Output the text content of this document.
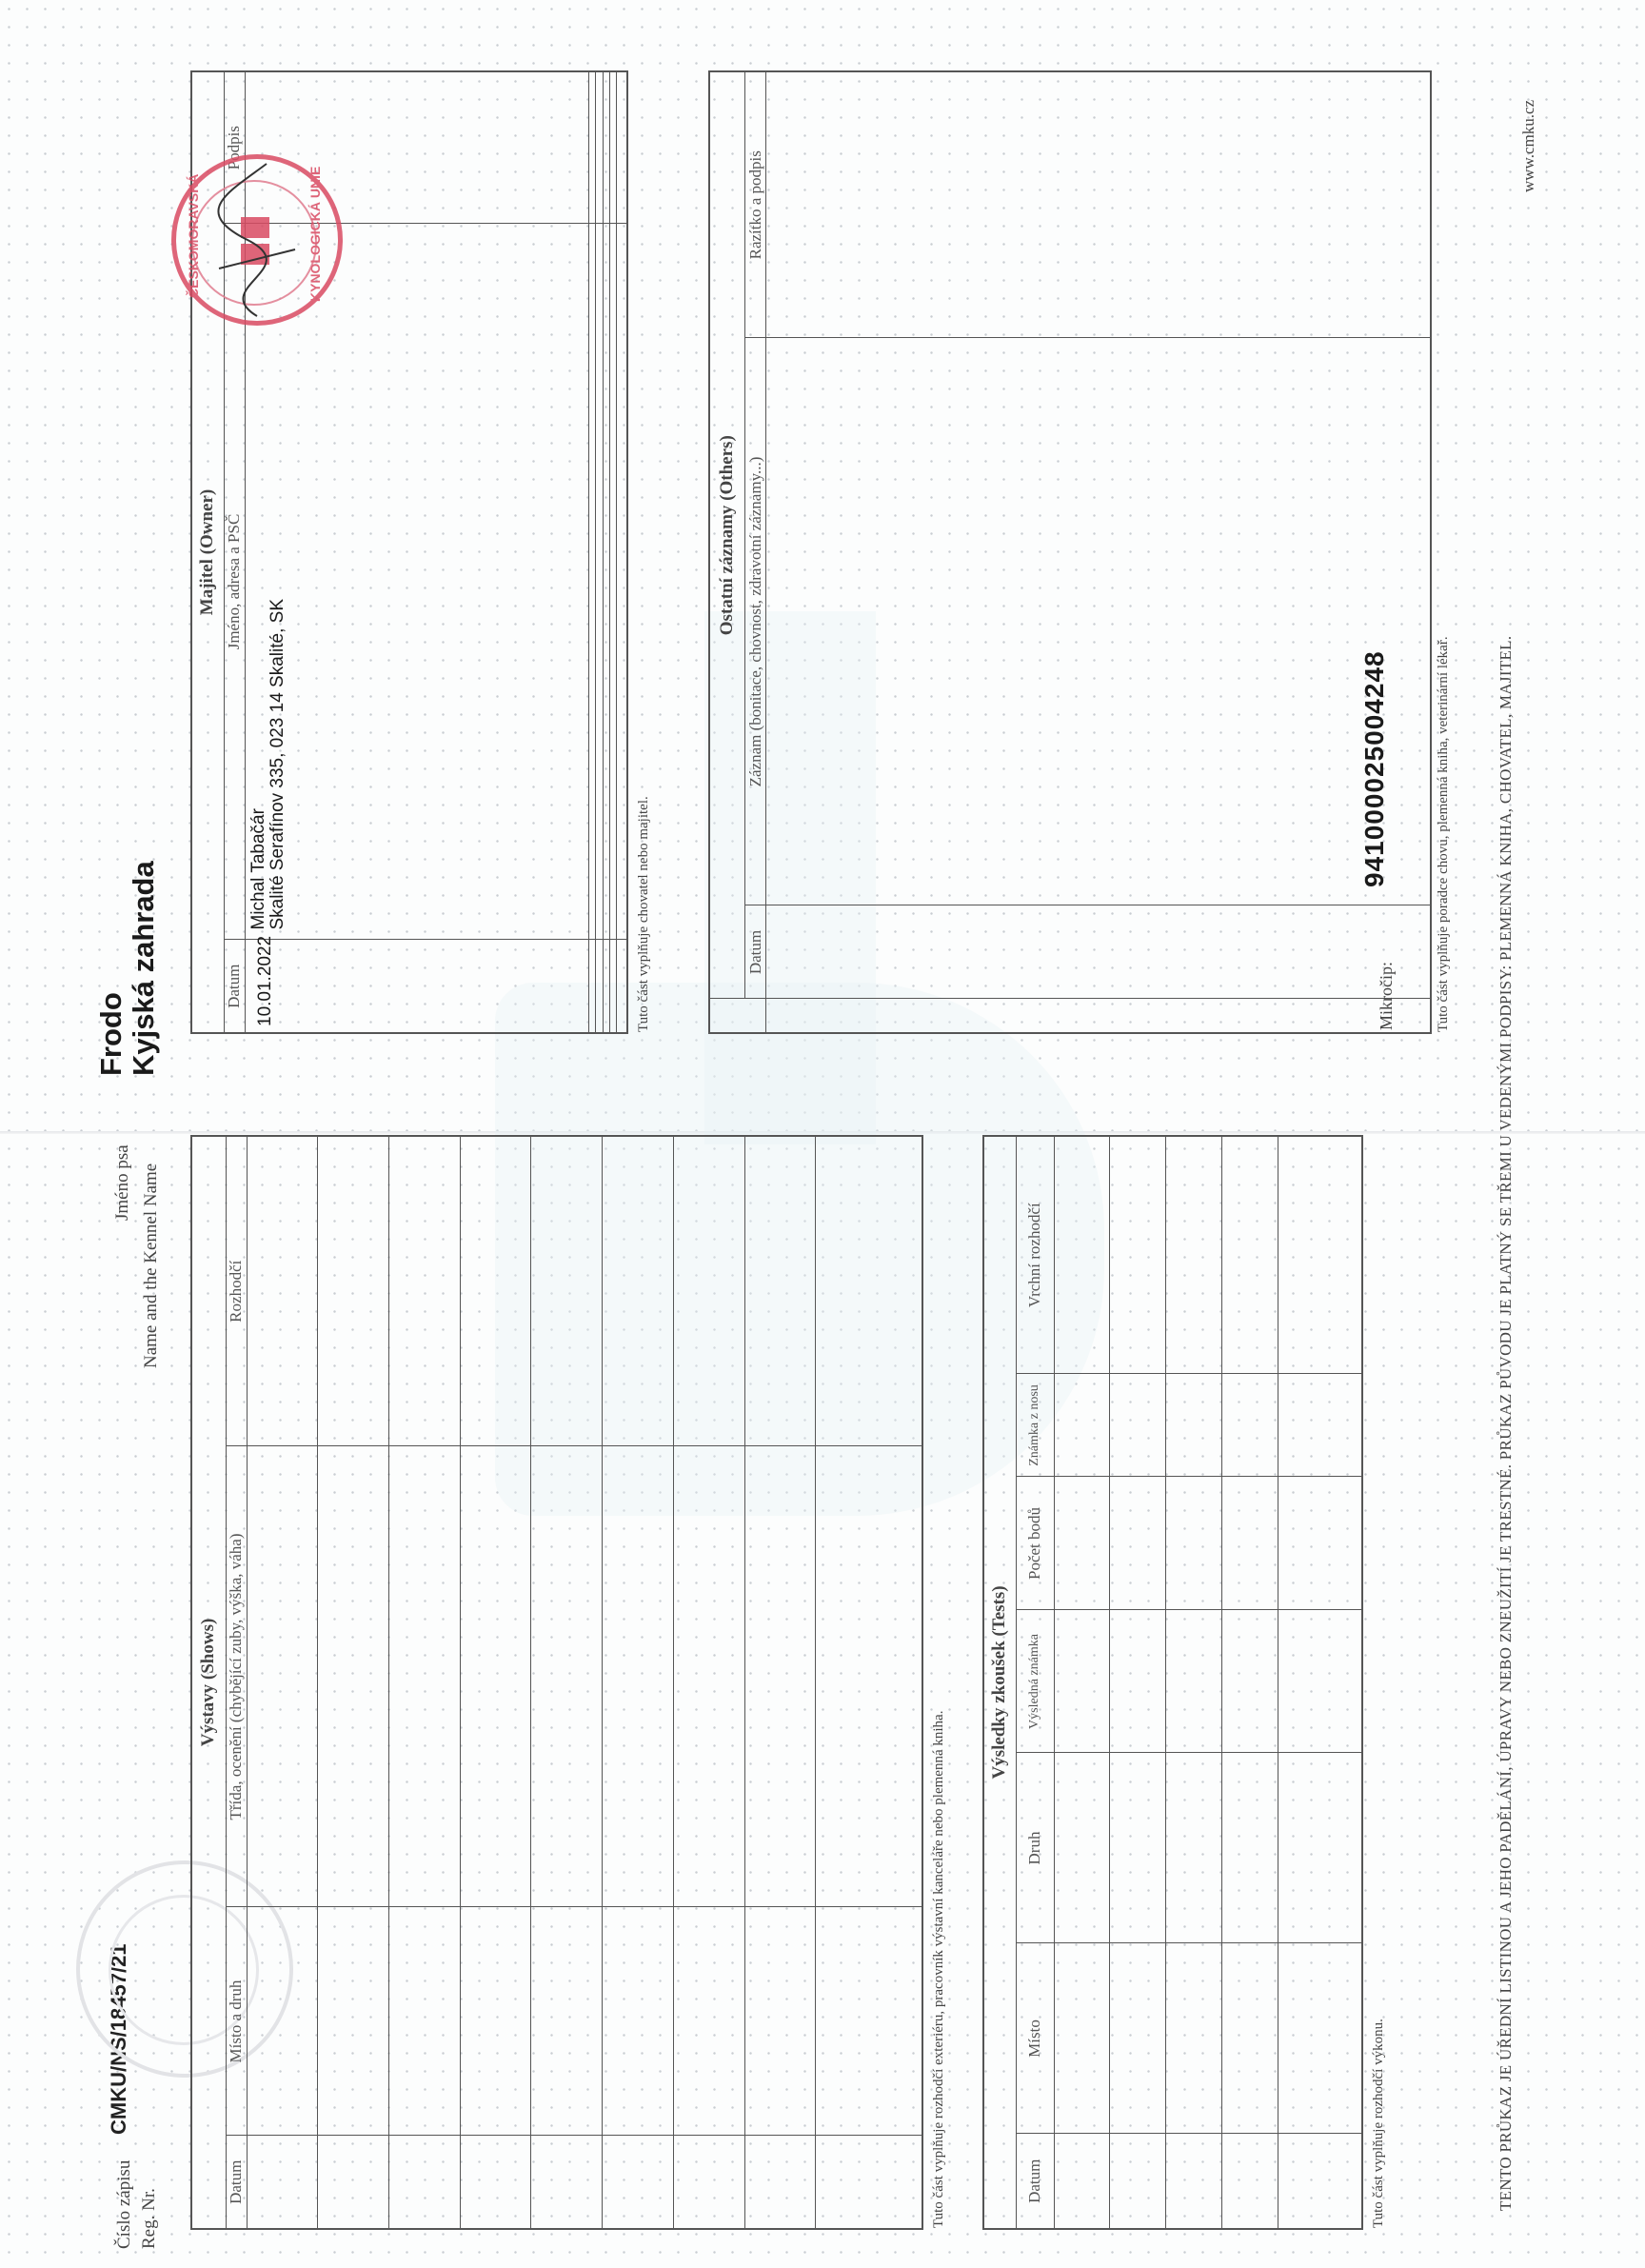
Číslo zápisu Reg. Nr.
CMKU/NS/18457/21
Jméno psa Name and the Kennel Name
Frodo Kyjská zahrada
Výstavy (Shows)			
Datum	Místo a druh	Třída, ocenění (chybějící zuby, výška, váha)	Rozhodčí

Tuto část vyplňuje rozhodčí exteriéru, pracovník výstavní kanceláře nebo plemenná kniha.
Výsledky zkoušek (Tests)						
Datum	Místo	Druh	Výsledná známka	Počet bodů	Známka z nosu	Vrchní rozhodčí

Tuto část vyplňuje rozhodčí výkonu.
Majitel (Owner)		
Datum	Jméno, adresa a PSČ	Podpis
10.01.2022	Michal Tabačár Skalité Serafínov 335, 023 14 Skalité, SK	

			Tuto část vyplňuje chovatel nebo majitel.
ČESKOMORAVSKÁ	KYNOLOGICKÁ UNIE
	Ostatní záznamy (Others)		
	Datum	Záznam (bonitace, chovnost, zdravotní záznamy...)	Razítko a podpis

Mikročip:
941000025004248	Tuto část vyplňuje poradce chovu, plemenná kniha, veterinární lékař.	TENTO PRŮKAZ JE ÚŘEDNÍ LISTINOU A JEHO PADĚLÁNÍ, ÚPRAVY NEBO ZNEUŽITÍ JE TRESTNÉ. PRŮKAZ PŮVODU JE PLATNÝ SE TŘEMI U VEDENÝMI PODPISY: PLEMENNÁ KNIHA, CHOVATEL, MAJITEL.
www.cmku.cz
